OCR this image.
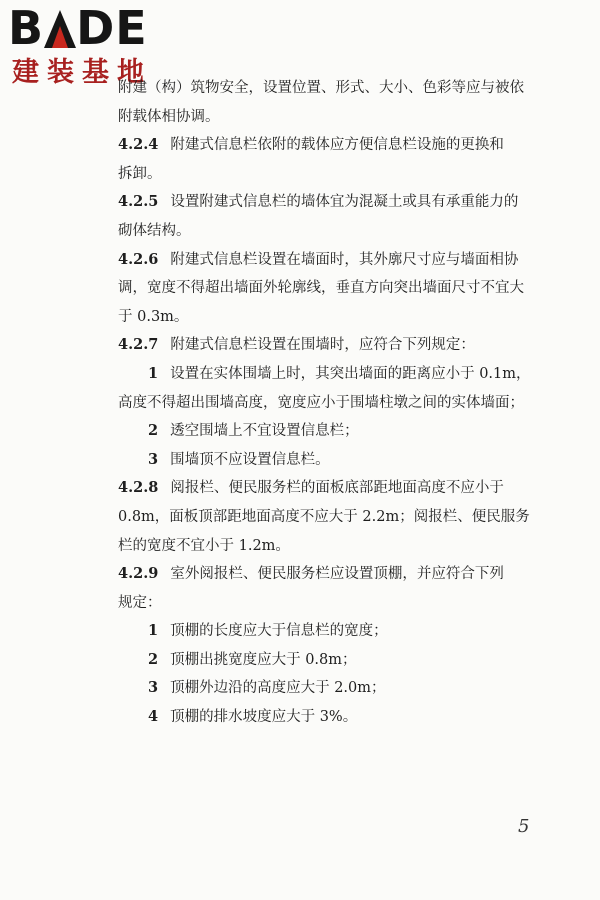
B DE
建装基地
附建（构）筑物安全，设置位置、形式、大小、色彩等应与被依
附载体相协调。
4.2.4 附建式信息栏依附的载体应方便信息栏设施的更换和
拆卸。
4.2.5 设置附建式信息栏的墙体宜为混凝土或具有承重能力的
砌体结构。
4.2.6 附建式信息栏设置在墙面时，其外廓尺寸应与墙面相协
调，宽度不得超出墙面外轮廓线，垂直方向突出墙面尺寸不宜大
于 0.3m。
4.2.7 附建式信息栏设置在围墙时，应符合下列规定：
1 设置在实体围墙上时，其突出墙面的距离应小于 0.1m，
高度不得超出围墙高度，宽度应小于围墙柱墩之间的实体墙面；
2 透空围墙上不宜设置信息栏；
3 围墙顶不应设置信息栏。
4.2.8 阅报栏、便民服务栏的面板底部距地面高度不应小于
0.8m，面板顶部距地面高度不应大于 2.2m；阅报栏、便民服务
栏的宽度不宜小于 1.2m。
4.2.9 室外阅报栏、便民服务栏应设置顶棚，并应符合下列
规定：
1 顶棚的长度应大于信息栏的宽度；
2 顶棚出挑宽度应大于 0.8m；
3 顶棚外边沿的高度应大于 2.0m；
4 顶棚的排水坡度应大于 3%。
5
